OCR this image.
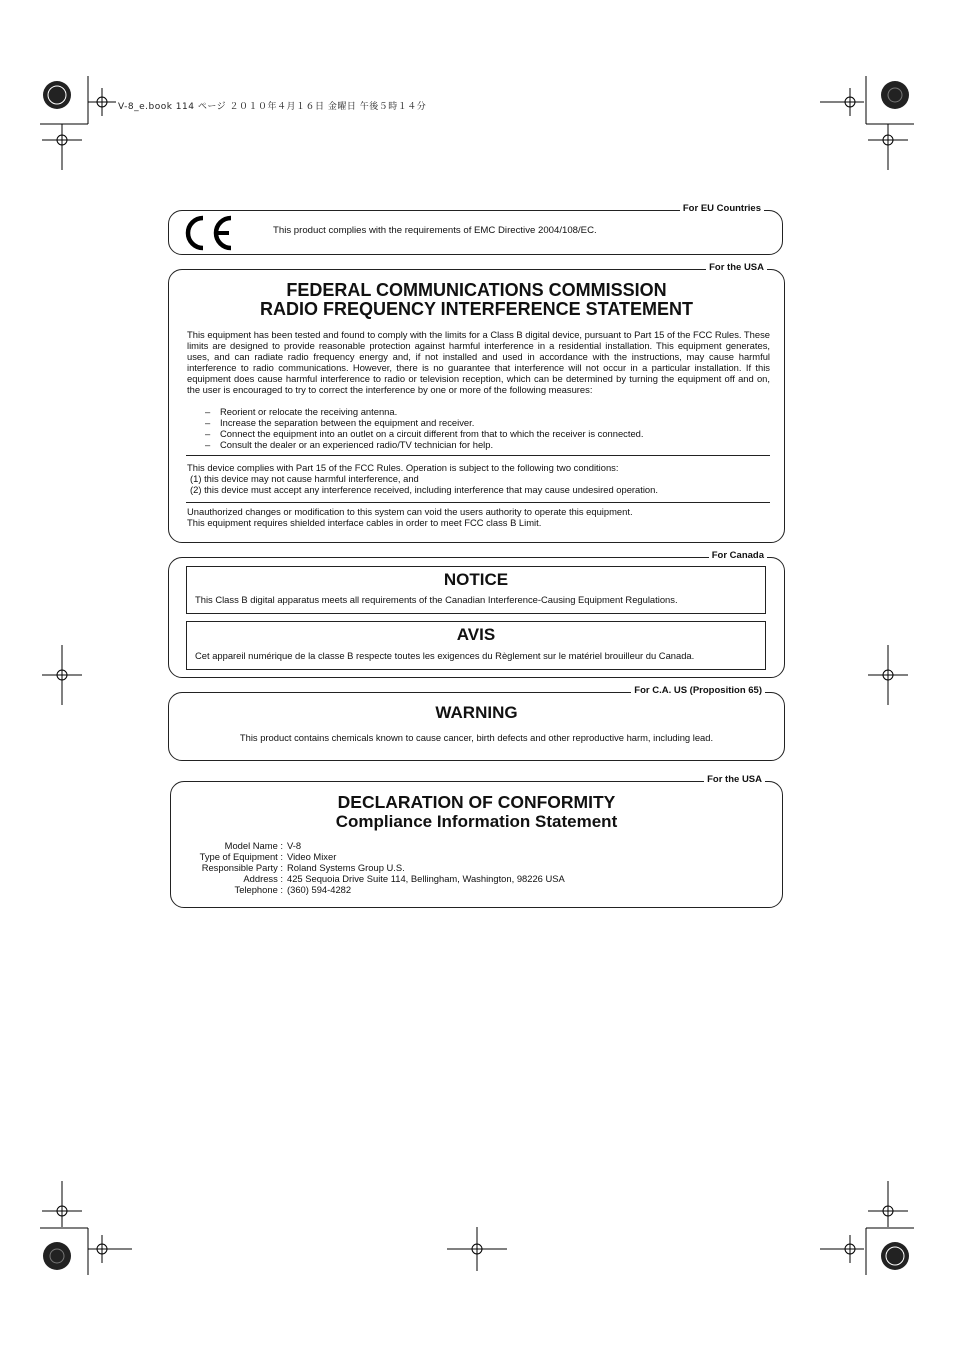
V-8_e.book 114 ページ ２０１０年４月１６日 金曜日 午後５時１４分
For EU Countries
This product complies with the requirements of EMC Directive 2004/108/EC.
For the USA
FEDERAL COMMUNICATIONS COMMISSION
RADIO FREQUENCY INTERFERENCE STATEMENT
This equipment has been tested and found to comply with the limits for a Class B digital device, pursuant to Part 15 of the FCC Rules. These limits are designed to provide reasonable protection against harmful interference in a residential installation. This equipment generates, uses, and can radiate radio frequency energy and, if not installed and used in accordance with the instructions, may cause harmful interference to radio communications. However, there is no guarantee that interference will not occur in a particular installation. If this equipment does cause harmful interference to radio or television reception, which can be determined by turning the equipment off and on, the user is encouraged to try to correct the interference by one or more of the following measures:
– Reorient or relocate the receiving antenna.
– Increase the separation between the equipment and receiver.
– Connect the equipment into an outlet on a circuit different from that to which the receiver is connected.
– Consult the dealer or an experienced radio/TV technician for help.
This device complies with Part 15 of the FCC Rules. Operation is subject to the following two conditions:
(1) this device may not cause harmful interference, and
(2) this device must accept any interference received, including interference that may cause undesired operation.
Unauthorized changes or modification to this system can void the users authority to operate this equipment.
This equipment requires shielded interface cables in order to meet FCC class B Limit.
For Canada
NOTICE
This Class B digital apparatus meets all requirements of the Canadian Interference-Causing Equipment Regulations.
AVIS
Cet appareil numérique de la classe B respecte toutes les exigences du Règlement sur le matériel brouilleur du Canada.
For C.A. US (Proposition 65)
WARNING
This product contains chemicals known to cause cancer, birth defects and other reproductive harm, including lead.
For the USA
DECLARATION OF CONFORMITY
Compliance Information Statement
Model Name : V-8
Type of Equipment : Video Mixer
Responsible Party : Roland Systems Group U.S.
Address : 425 Sequoia Drive Suite 114, Bellingham, Washington, 98226 USA
Telephone : (360) 594-4282
